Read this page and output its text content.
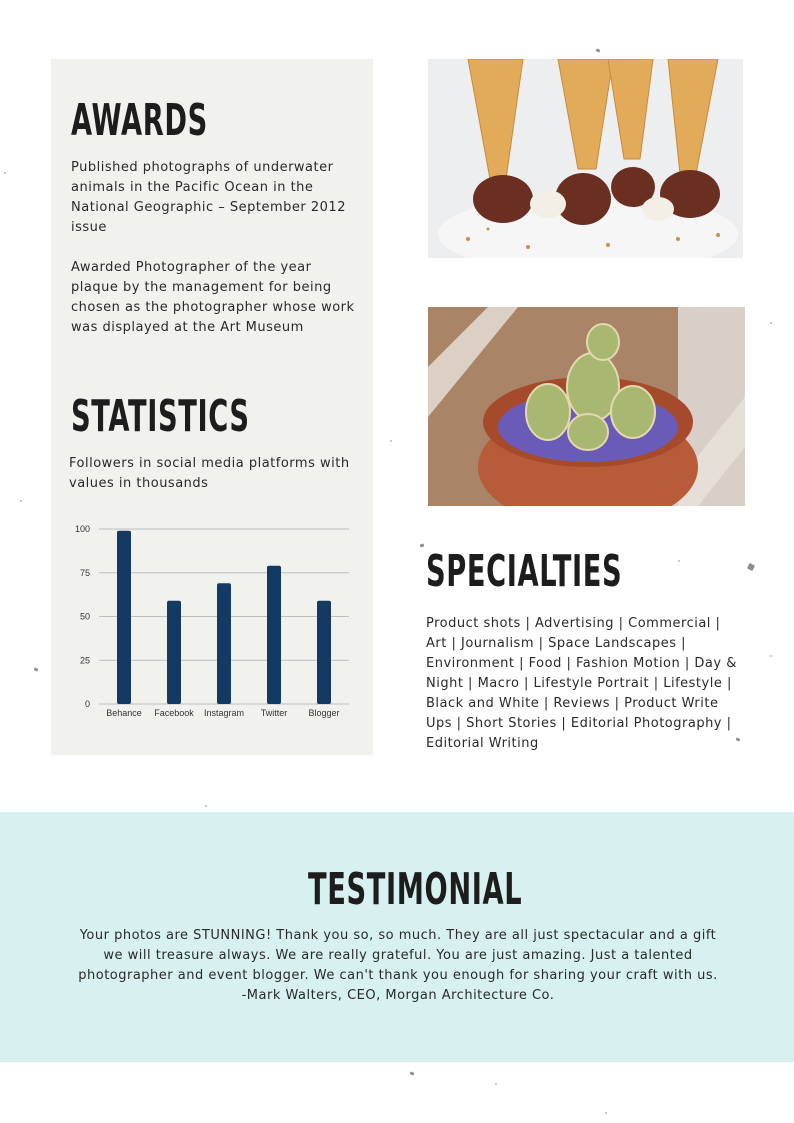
AWARDS
Published photographs of underwater animals in the Pacific Ocean in the National Geographic – September 2012 issue
Awarded Photographer of the year plaque by the management for being chosen as the photographer whose work was displayed at the Art Museum
STATISTICS
Followers in social media platforms with values in thousands
0
25
50
75
100
Behance Facebook Instagram Twitter Blogger
SPECIALTIES
Product shots | Advertising | Commercial | Art | Journalism | Space Landscapes | Environment | Food | Fashion Motion | Day & Night | Macro | Lifestyle Portrait | Lifestyle | Black and White | Reviews | Product Write Ups | Short Stories | Editorial Photography | Editorial Writing
TESTIMONIAL
Your photos are STUNNING! Thank you so, so much. They are all just spectacular and a gift we will treasure always. We are really grateful. You are just amazing. Just a talented photographer and event blogger. We can't thank you enough for sharing your craft with us. -Mark Walters, CEO, Morgan Architecture Co.
